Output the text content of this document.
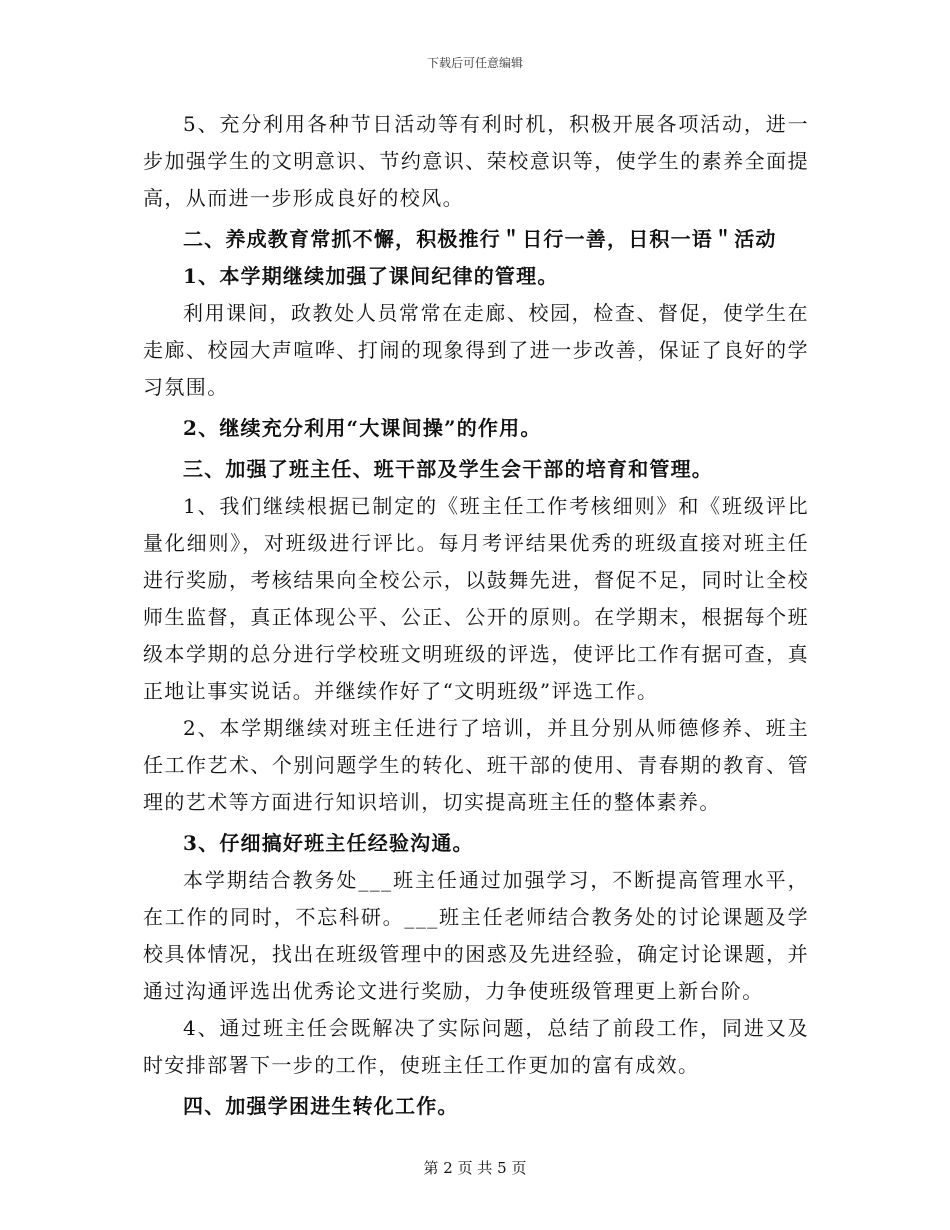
下载后可任意编辑

5、充分利用各种节日活动等有利时机，积极开展各项活动，进一步加强学生的文明意识、节约意识、荣校意识等，使学生的素养全面提高，从而进一步形成良好的校风。

二、养成教育常抓不懈，积极推行＂日行一善，日积一语＂活动

1、本学期继续加强了课间纪律的管理。

利用课间，政教处人员常常在走廊、校园，检查、督促，使学生在走廊、校园大声喧哗、打闹的现象得到了进一步改善，保证了良好的学习氛围。

2、继续充分利用“大课间操”的作用。

三、加强了班主任、班干部及学生会干部的培育和管理。

1、我们继续根据已制定的《班主任工作考核细则》和《班级评比量化细则》，对班级进行评比。每月考评结果优秀的班级直接对班主任进行奖励，考核结果向全校公示，以鼓舞先进，督促不足，同时让全校师生监督，真正体现公平、公正、公开的原则。在学期末，根据每个班级本学期的总分进行学校班文明班级的评选，使评比工作有据可查，真正地让事实说话。并继续作好了“文明班级”评选工作。

2、本学期继续对班主任进行了培训，并且分别从师德修养、班主任工作艺术、个别问题学生的转化、班干部的使用、青春期的教育、管理的艺术等方面进行知识培训，切实提高班主任的整体素养。

3、仔细搞好班主任经验沟通。

本学期结合教务处___班主任通过加强学习，不断提高管理水平，在工作的同时，不忘科研。___班主任老师结合教务处的讨论课题及学校具体情况，找出在班级管理中的困惑及先进经验，确定讨论课题，并通过沟通评选出优秀论文进行奖励，力争使班级管理更上新台阶。

4、通过班主任会既解决了实际问题，总结了前段工作，同进又及时安排部署下一步的工作，使班主任工作更加的富有成效。

四、加强学困进生转化工作。

第 2 页 共 5 页
